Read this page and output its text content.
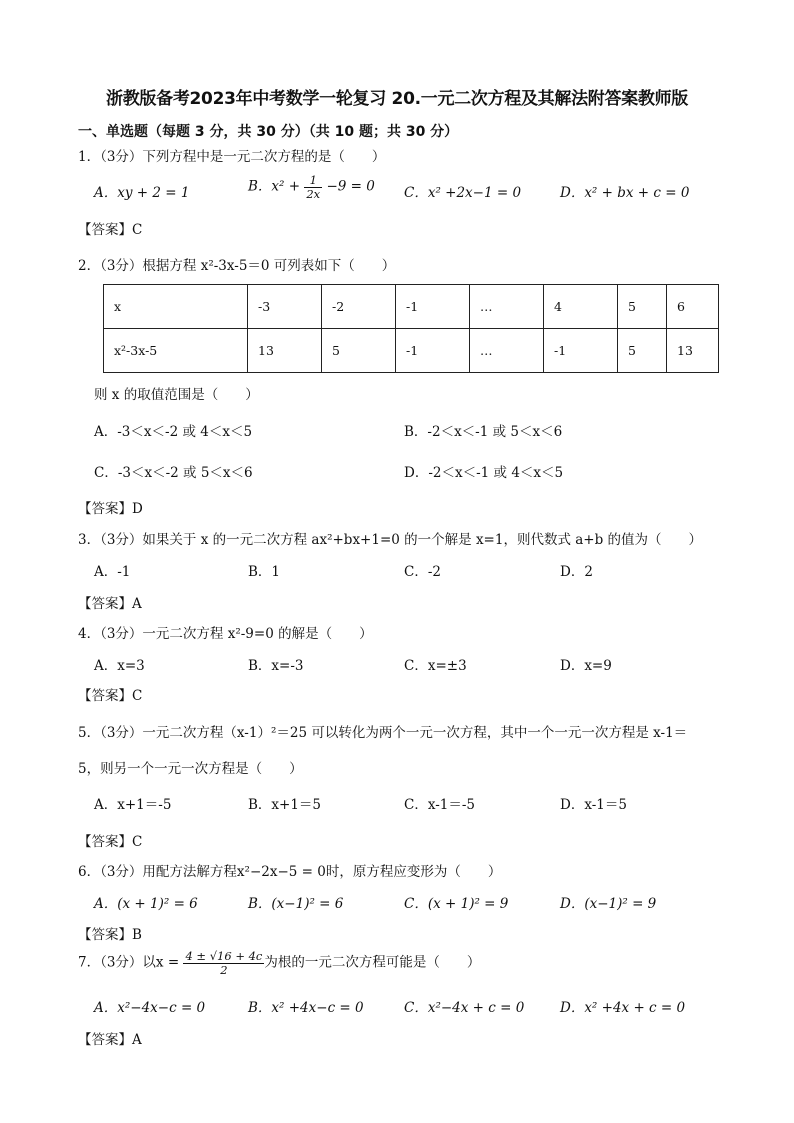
浙教版备考2023年中考数学一轮复习 20.一元二次方程及其解法附答案教师版
一、单选题（每题 3 分，共 30 分）（共 10 题；共 30 分）
1．（3分）下列方程中是一元二次方程的是（　　）
A．xy + 2 = 1	B．$x^2 + \frac{1}{2x} -9 = 0$ C．x² +2x−1 = 0	D．x² + bx + c = 0
【答案】C
2．（3分）根据方程 x²-3x-5＝0 可列表如下（　　）
x	-3	-2	-1	…	4	5	6
x²-3x-5	13	5	-1	…	-1	5	13
则 x 的取值范围是（　　）
A．-3＜x＜-2 或 4＜x＜5	B．-2＜x＜-1 或 5＜x＜6
C．-3＜x＜-2 或 5＜x＜6	D．-2＜x＜-1 或 4＜x＜5
【答案】D
3．（3分）如果关于 x 的一元二次方程 ax²+bx+1=0 的一个解是 x=1，则代数式 a+b 的值为（　　）
A．-1	B．1	C．-2	D．2
【答案】A
4．（3分）一元二次方程 x²-9=0 的解是（　　）
A．x=3	B．x=-3	C．x=±3	D．x=9
【答案】C
5．（3分）一元二次方程（x-1）²＝25 可以转化为两个一元一次方程，其中一个一元一次方程是 x-1＝
5，则另一个一元一次方程是（　　）
A．x+1＝-5	B．x+1＝5	C．x-1＝-5	D．x-1＝5
【答案】C
6．（3分）用配方法解方程x²−2x−5 = 0时，原方程应变形为（　　）
A．(x + 1)² = 6	B．(x−1)² = 6	C．(x + 1)² = 9	D．(x−1)² = 9
【答案】B
7．（3分）以$x = \frac{4 \pm √16 + 4c}{2}$ 为根的一元二次方程可能是（　　）
A．x²−4x−c = 0	B．x² +4x−c = 0	C．x²−4x + c = 0	D．x² +4x + c = 0
【答案】A
